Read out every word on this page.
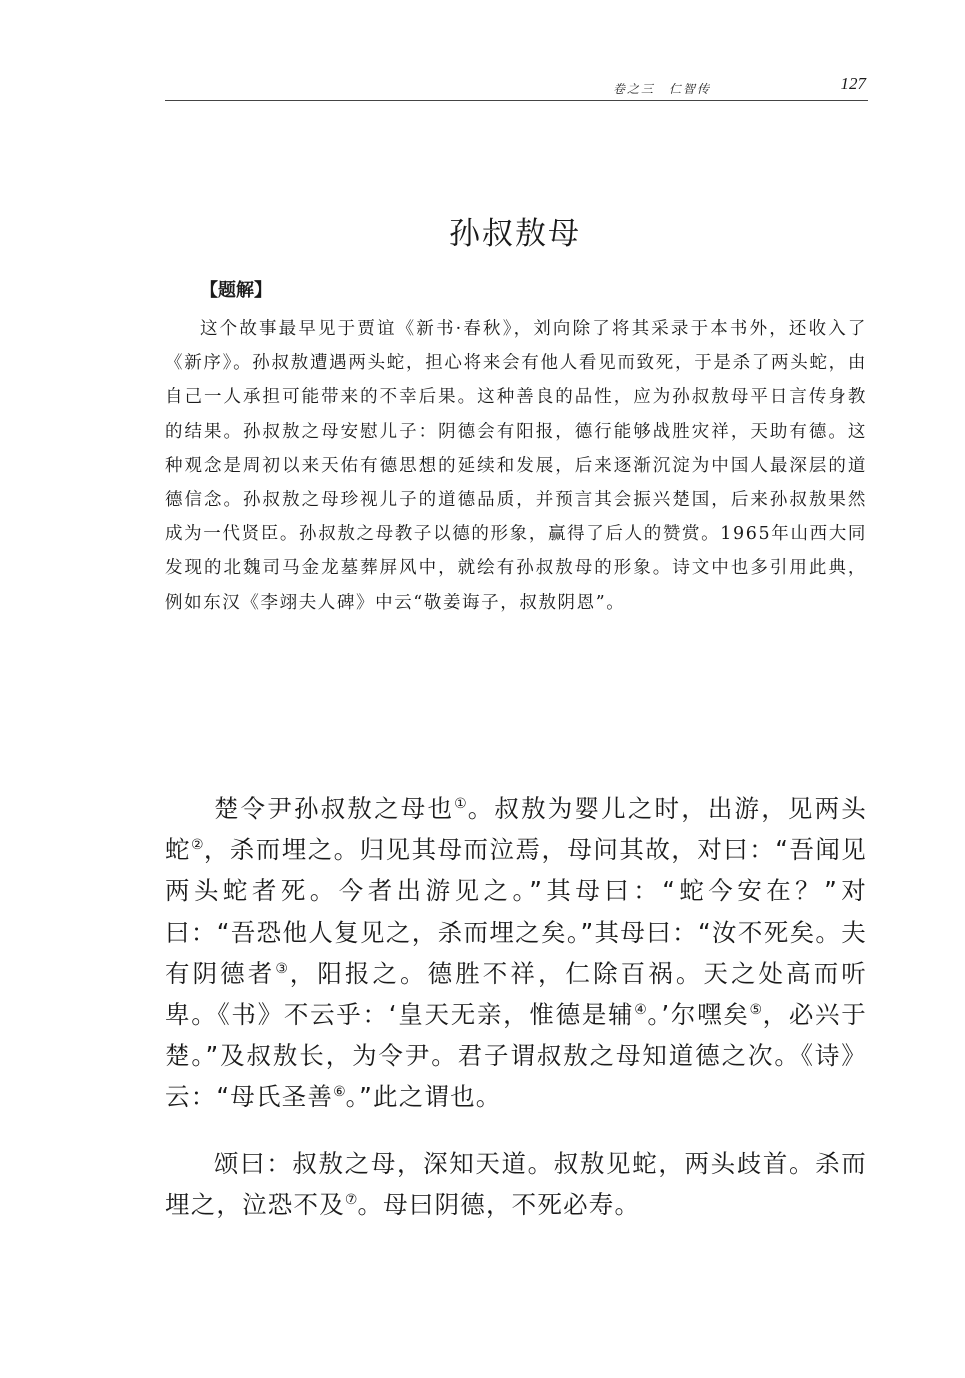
卷之三　仁智传	127
孙叔敖母
【题解】

这个故事最早见于贾谊《新书·春秋》，刘向除了将其采录于本书外，还收入了《新序》。孙叔敖遭遇两头蛇，担心将来会有他人看见而致死，于是杀了两头蛇，由自己一人承担可能带来的不幸后果。这种善良的品性，应为孙叔敖母平日言传身教的结果。孙叔敖之母安慰儿子：阴德会有阳报，德行能够战胜灾祥，天助有德。这种观念是周初以来天佑有德思想的延续和发展，后来逐渐沉淀为中国人最深层的道德信念。孙叔敖之母珍视儿子的道德品质，并预言其会振兴楚国，后来孙叔敖果然成为一代贤臣。孙叔敖之母教子以德的形象，赢得了后人的赞赏。1965年山西大同发现的北魏司马金龙墓葬屏风中，就绘有孙叔敖母的形象。诗文中也多引用此典，例如东汉《李翊夫人碑》中云“敬姜诲子，叔敖阴恩”。

楚令尹孙叔敖之母也①。叔敖为婴儿之时，出游，见两头蛇②，杀而埋之。归见其母而泣焉，母问其故，对曰：“吾闻见两头蛇者死。今者出游见之。”其母曰：“蛇今安在？”对曰：“吾恐他人复见之，杀而埋之矣。”其母曰：“汝不死矣。夫有阴德者③，阳报之。德胜不祥，仁除百祸。天之处高而听卑。《书》不云乎：‘皇天无亲，惟德是辅④。’尔嘿矣⑤，必兴于楚。”及叔敖长，为令尹。君子谓叔敖之母知道德之次。《诗》云：“母氏圣善⑥。”此之谓也。

颂曰：叔敖之母，深知天道。叔敖见蛇，两头歧首。杀而埋之，泣恐不及⑦。母曰阴德，不死必寿。
